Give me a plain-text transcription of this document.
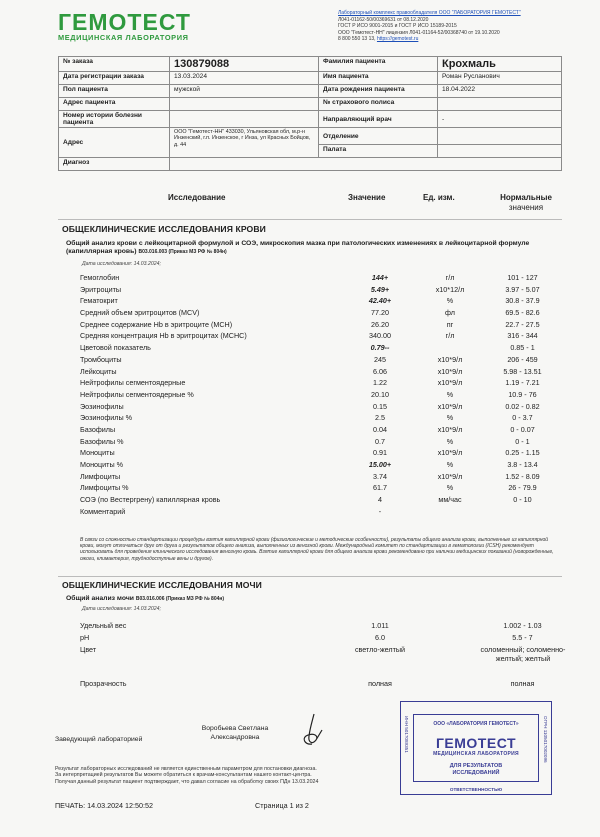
ГЕМОТЕСТ
МЕДИЦИНСКАЯ ЛАБОРАТОРИЯ
Лабораторный комплекс правообладателя ООО "ЛАБОРАТОРИЯ ГЕМОТЕСТ"
Л041-01162-50/00369631 от 08.12.2020
ГОСТ Р ИСО 9001-2015 и ГОСТ Р ИСО 15189-2015
ООО "Гемотест-НН" лицензия Л041-01164-52/00368740 от 19.10.2020
8 800 550 13 13, https://gemotest.ru
№ заказа	130879088	Фамилия пациента	Крохмаль
Дата регистрации заказа	13.03.2024	Имя пациента	Роман Русланович
Пол пациента	мужской	Дата рождения пациента	18.04.2022
Адрес пациента		№ страхового полиса	
Номер истории болезни пациента		Направляющий врач	-
Адрес	ООО "Гемотест-НН" 433030, Ульяновская обл, м.р-н Инзенский, г.п. Инзенское, г Инза, ул Красных Бойцов, д. 44	Отделение	
		Палата	
Диагноз			
Исследование	Значение	Ед. изм.	Нормальные
значения
ОБЩЕКЛИНИЧЕСКИЕ ИССЛЕДОВАНИЯ КРОВИ
Общий анализ крови с лейкоцитарной формулой и СОЭ, микроскопия мазка при патологических изменениях в лейкоцитарной формуле (капиллярная кровь) B03.016.003 (Приказ МЗ РФ № 804н)
Дата исследования: 14.03.2024;
Гемоглобин	144+	г/л	101 - 127
Эритроциты	5.49+	x10*12/л	3.97 - 5.07
Гематокрит	42.40+	%	30.8 - 37.9
Средний объем эритроцитов (MCV)	77.20	фл	69.5 - 82.6
Среднее содержание Hb в эритроците (MCH)	26.20	пг	22.7 - 27.5
Средняя концентрация Hb в эритроцитах (MCHC)	340.00	г/л	316 - 344
Цветовой показатель	0.79--	0.85 - 1
Тромбоциты	245	x10*9/л	206 - 459
Лейкоциты	6.06	x10*9/л	5.98 - 13.51
Нейтрофилы сегментоядерные	1.22	x10*9/л	1.19 - 7.21
Нейтрофилы сегментоядерные %	20.10	%	10.9 - 76
Эозинофилы	0.15	x10*9/л	0.02 - 0.82
Эозинофилы %	2.5	%	0 - 3.7
Базофилы	0.04	x10*9/л	0 - 0.07
Базофилы %	0.7	%	0 - 1
Моноциты	0.91	x10*9/л	0.25 - 1.15
Моноциты %	15.00+	%	3.8 - 13.4
Лимфоциты	3.74	x10*9/л	1.52 - 8.09
Лимфоциты %	61.7	%	26 - 79.9
СОЭ (по Вестергрену) капиллярная кровь	4	мм/час	0 - 10
Комментарий	-
В связи со сложностью стандартизации процедуры взятия капиллярной крови (физиологические и методические особенности), результаты общего анализа крови, выполненные из капиллярной крови, могут отличаться друг от друга и результатов общего анализа, выполненных из венозной крови. Международный комитет по стандартизации в гематологии (ICSH) рекомендует использовать для проведения клинического исследования венозную кровь. Взятие капиллярной крови для общего анализа крови рекомендовано при наличии медицинских показаний (новорожденные, ожоги, климактерия, труднодоступные вены и другое).
ОБЩЕКЛИНИЧЕСКИЕ ИССЛЕДОВАНИЯ МОЧИ
Общий анализ мочи B03.016.006 (Приказ МЗ РФ № 804н)
Дата исследования: 14.03.2024;
Удельный вес	1.011	1.002 - 1.03
pH	6.0	5.5 - 7
Цвет	светло-желтый	соломенный; соломенно-желтый; желтый
Прозрачность	полная	полная
Заведующий лабораторией
Воробьева Светлана
Александровна	ИНН 5017089351	ОГРН 1105017002096
ООО «ЛАБОРАТОРИЯ ГЕМОТЕСТ»
ГЕМОТЕСТ
МЕДИЦИНСКАЯ ЛАБОРАТОРИЯ
ДЛЯ РЕЗУЛЬТАТОВ
ИССЛЕДОВАНИЙ
ОТВЕТСТВЕННОСТЬЮ
Результат лабораторных исследований не является единственным параметром для постановки диагноза.
За интерпретацией результатов Вы можете обратиться к врачам-консультантам нашего контакт-центра.
Получая данный результат пациент подтверждает, что давал согласие на обработку своих ПДн 13.03.2024
ПЕЧАТЬ: 14.03.2024 12:50:52	Страница 1 из 2
